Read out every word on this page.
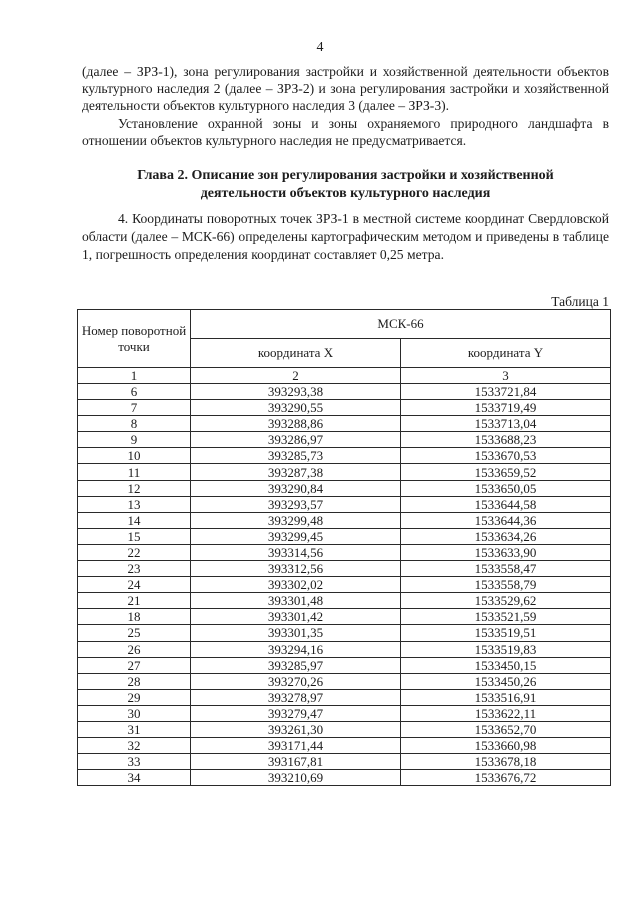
4

(далее – ЗРЗ-1), зона регулирования застройки и хозяйственной деятельности объектов культурного наследия 2 (далее – ЗРЗ-2) и зона регулирования застройки и хозяйственной деятельности объектов культурного наследия 3 (далее – ЗРЗ-3).

Установление охранной зоны и зоны охраняемого природного ландшафта в отношении объектов культурного наследия не предусматривается.

Глава 2. Описание зон регулирования застройки и хозяйственной
деятельности объектов культурного наследия

4. Координаты поворотных точек ЗРЗ-1 в местной системе координат Свердловской области (далее – МСК-66) определены картографическим методом и приведены в таблице 1, погрешность определения координат составляет 0,25 метра.

Таблица 1
Номер поворотной точки	МСК-66	
	координата X	координата Y
1	2	3
6	393293,38	1533721,84
7	393290,55	1533719,49
8	393288,86	1533713,04
9	393286,97	1533688,23
10	393285,73	1533670,53
11	393287,38	1533659,52
12	393290,84	1533650,05
13	393293,57	1533644,58
14	393299,48	1533644,36
15	393299,45	1533634,26
22	393314,56	1533633,90
23	393312,56	1533558,47
24	393302,02	1533558,79
21	393301,48	1533529,62
18	393301,42	1533521,59
25	393301,35	1533519,51
26	393294,16	1533519,83
27	393285,97	1533450,15
28	393270,26	1533450,26
29	393278,97	1533516,91
30	393279,47	1533622,11
31	393261,30	1533652,70
32	393171,44	1533660,98
33	393167,81	1533678,18
34	393210,69	1533676,72
